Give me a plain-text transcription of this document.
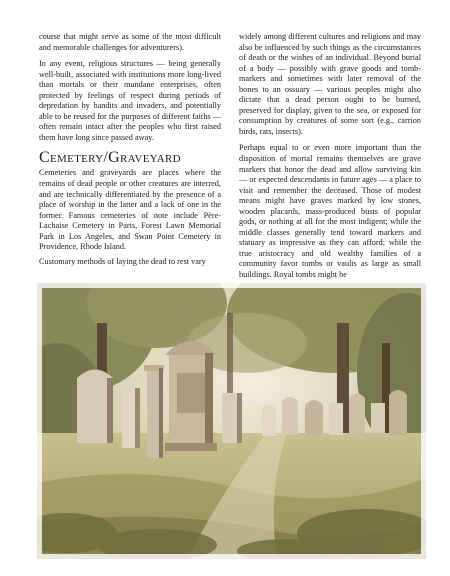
course that might serve as some of the most difficult and memorable challenges for adventurers).

In any event, religious structures — being generally well-built, associated with institutions more long-lived than mortals or their mundane enterprises, often protected by feelings of respect during periods of depredation by bandits and invaders, and potentially able to be reused for the purposes of different faiths — often remain intact after the peoples who first raised them have long since passed away.

Cemetery/Graveyard

Cemeteries and graveyards are places where the remains of dead people or other creatures are interred, and are technically differentiated by the presence of a place of worship in the latter and a lack of one in the former. Famous cemeteries of note include Père-Lachaise Cemetery in Paris, Forest Lawn Memorial Park in Los Angeles, and Swan Point Cemetery in Providence, Rhode Island.

Customary methods of laying the dead to rest vary

widely among different cultures and religions and may also be influenced by such things as the circumstances of death or the wishes of an individual. Beyond burial of a body — possibly with grave goods and tomb-markers and sometimes with later removal of the bones to an ossuary — various peoples might also dictate that a dead person ought to be burned, preserved for display, given to the sea, or exposed for consumption by creatures of some sort (e.g., carrion birds, rats, insects).

Perhaps equal to or even more important than the disposition of mortal remains themselves are grave markers that honor the dead and allow surviving kin — or expected descendants in future ages — a place to visit and remember the deceased. Those of modest means might have graves marked by low stones, wooden placards, mass-produced busts of popular gods, or nothing at all for the most indigent; while the middle classes generally tend toward markers and statuary as impressive as they can afford; while the true aristocracy and old wealthy families of a community favor tombs or vaults as large as small buildings. Royal tombs might be
